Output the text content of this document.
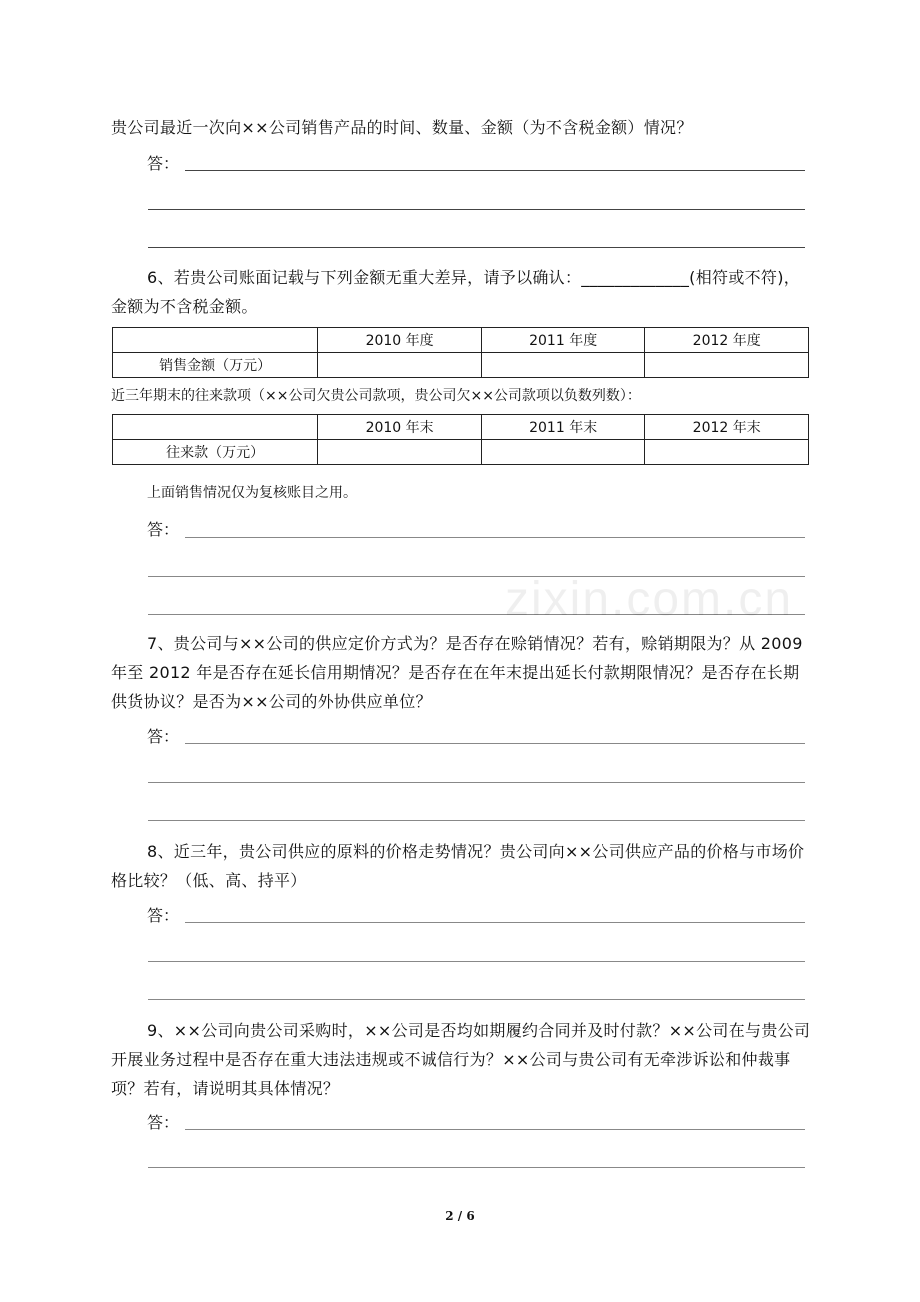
贵公司最近一次向××公司销售产品的时间、数量、金额（为不含税金额）情况？
答：
6、若贵公司账面记载与下列金额无重大差异，请予以确认：_____________(相符或不符)，金额为不含税金额。
	2010 年度	2011 年度	2012 年度
销售金额（万元）			
近三年期末的往来款项（××公司欠贵公司款项，贵公司欠××公司款项以负数列数）：
	2010 年末	2011 年末	2012 年末
往来款（万元）			
上面销售情况仅为复核账目之用。
答：
zixin.com.cn
7、贵公司与××公司的供应定价方式为？是否存在赊销情况？若有，赊销期限为？从 2009 年至 2012 年是否存在延长信用期情况？是否存在在年末提出延长付款期限情况？是否存在长期供货协议？是否为××公司的外协供应单位？
答：
8、近三年，贵公司供应的原料的价格走势情况？贵公司向××公司供应产品的价格与市场价格比较？（低、高、持平）
答：
9、××公司向贵公司采购时，××公司是否均如期履约合同并及时付款？××公司在与贵公司开展业务过程中是否存在重大违法违规或不诚信行为？××公司与贵公司有无牵涉诉讼和仲裁事项？若有，请说明其具体情况？
答：
2 / 6
